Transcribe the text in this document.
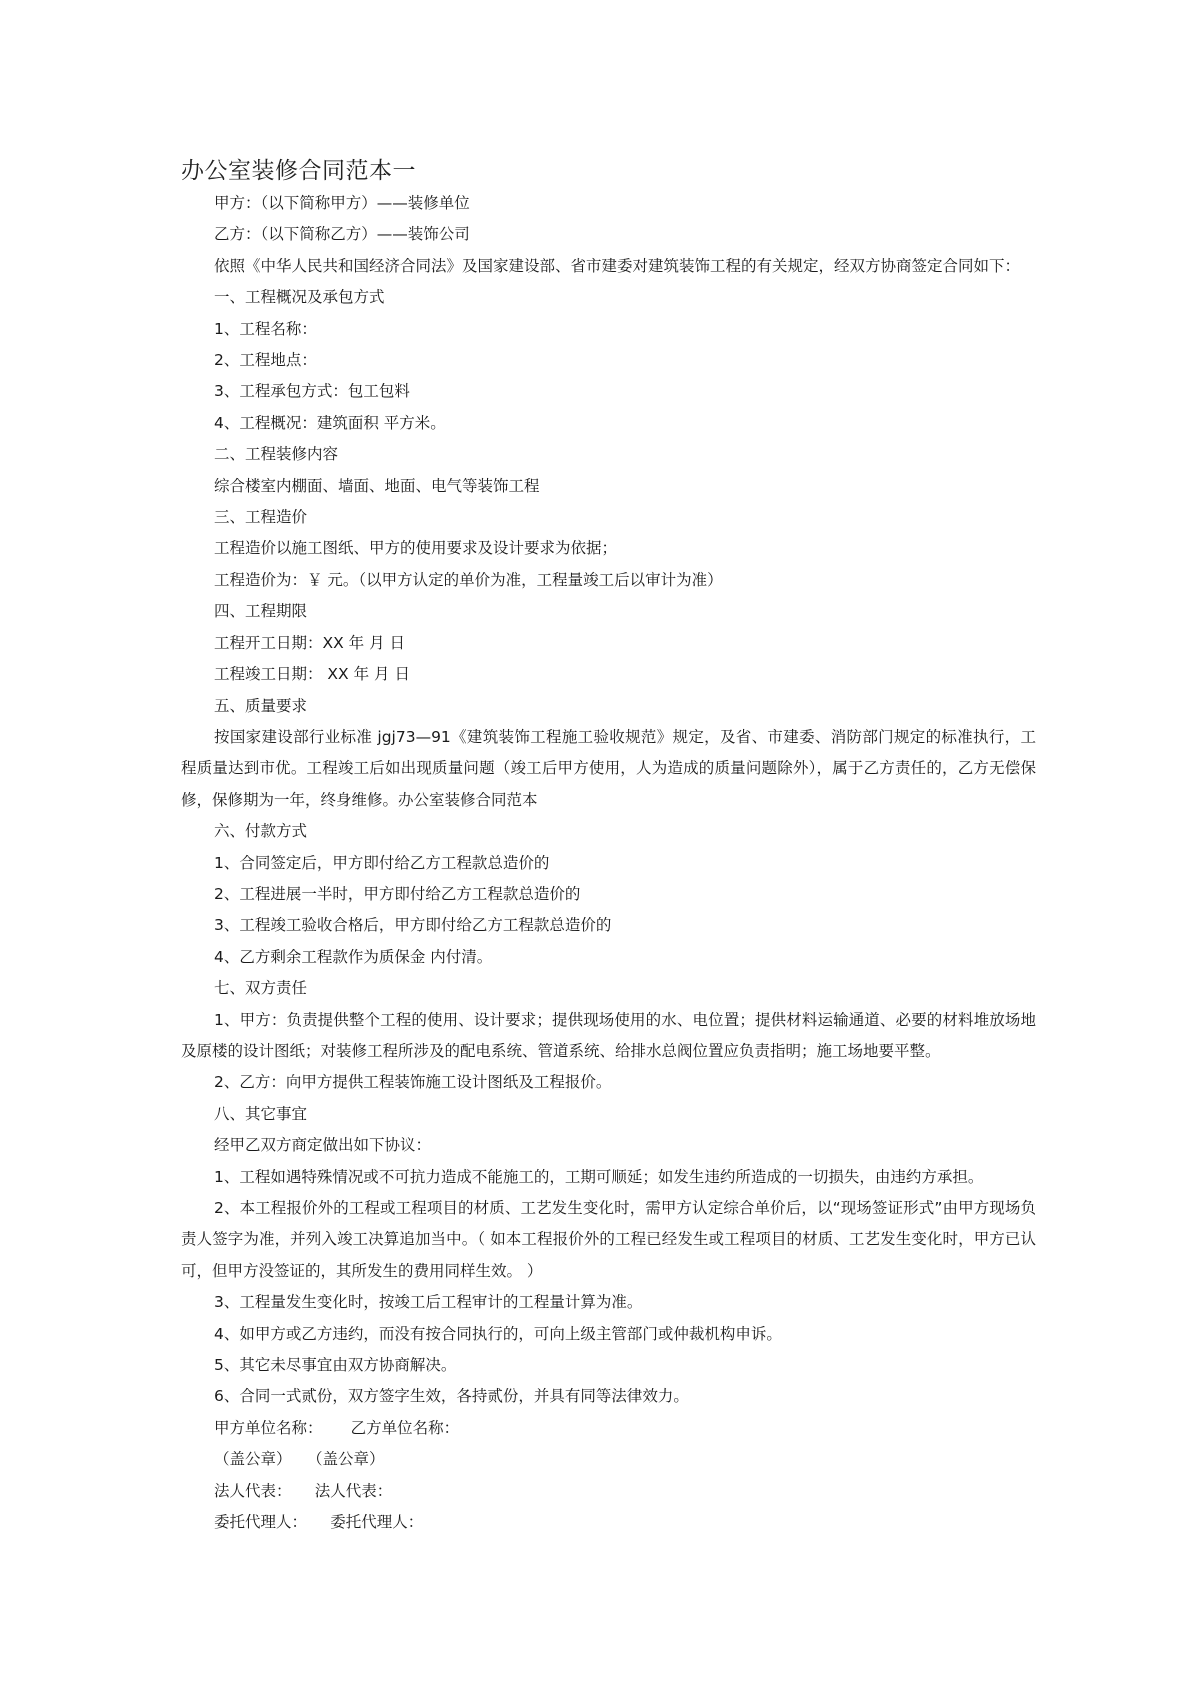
办公室装修合同范本一

甲方：（以下简称甲方）——装修单位

乙方：（以下简称乙方）——装饰公司

依照《中华人民共和国经济合同法》及国家建设部、省市建委对建筑装饰工程的有关规定，经双方协商签定合同如下：

一、工程概况及承包方式

1、工程名称：

2、工程地点：

3、工程承包方式：包工包料

4、工程概况：建筑面积 平方米。

二、工程装修内容

综合楼室内棚面、墙面、地面、电气等装饰工程

三、工程造价

工程造价以施工图纸、甲方的使用要求及设计要求为依据；

工程造价为：￥ 元。（以甲方认定的单价为准，工程量竣工后以审计为准）

四、工程期限

工程开工日期：XX 年 月 日

工程竣工日期： XX 年 月 日

五、质量要求

按国家建设部行业标准 jgj73—91《建筑装饰工程施工验收规范》规定，及省、市建委、消防部门规定的标准执行，工程质量达到市优。工程竣工后如出现质量问题（竣工后甲方使用，人为造成的质量问题除外），属于乙方责任的，乙方无偿保修，保修期为一年，终身维修。办公室装修合同范本

六、付款方式

1、合同签定后，甲方即付给乙方工程款总造价的

2、工程进展一半时，甲方即付给乙方工程款总造价的

3、工程竣工验收合格后，甲方即付给乙方工程款总造价的

4、乙方剩余工程款作为质保金 内付清。

七、双方责任

1、甲方：负责提供整个工程的使用、设计要求；提供现场使用的水、电位置；提供材料运输通道、必要的材料堆放场地及原楼的设计图纸；对装修工程所涉及的配电系统、管道系统、给排水总阀位置应负责指明；施工场地要平整。

2、乙方：向甲方提供工程装饰施工设计图纸及工程报价。

八、其它事宜

经甲乙双方商定做出如下协议：

1、工程如遇特殊情况或不可抗力造成不能施工的，工期可顺延；如发生违约所造成的一切损失，由违约方承担。

2、本工程报价外的工程或工程项目的材质、工艺发生变化时，需甲方认定综合单价后，以“现场签证形式”由甲方现场负责人签字为准，并列入竣工决算追加当中。（ 如本工程报价外的工程已经发生或工程项目的材质、工艺发生变化时，甲方已认可，但甲方没签证的，其所发生的费用同样生效。 ）

3、工程量发生变化时，按竣工后工程审计的工程量计算为准。

4、如甲方或乙方违约，而没有按合同执行的，可向上级主管部门或仲裁机构申诉。

5、其它未尽事宜由双方协商解决。

6、合同一式贰份，双方签字生效，各持贰份，并具有同等法律效力。

甲方单位名称：　　 乙方单位名称：

（盖公章）　　（盖公章）

法人代表：　　法人代表：

委托代理人：　　委托代理人：
